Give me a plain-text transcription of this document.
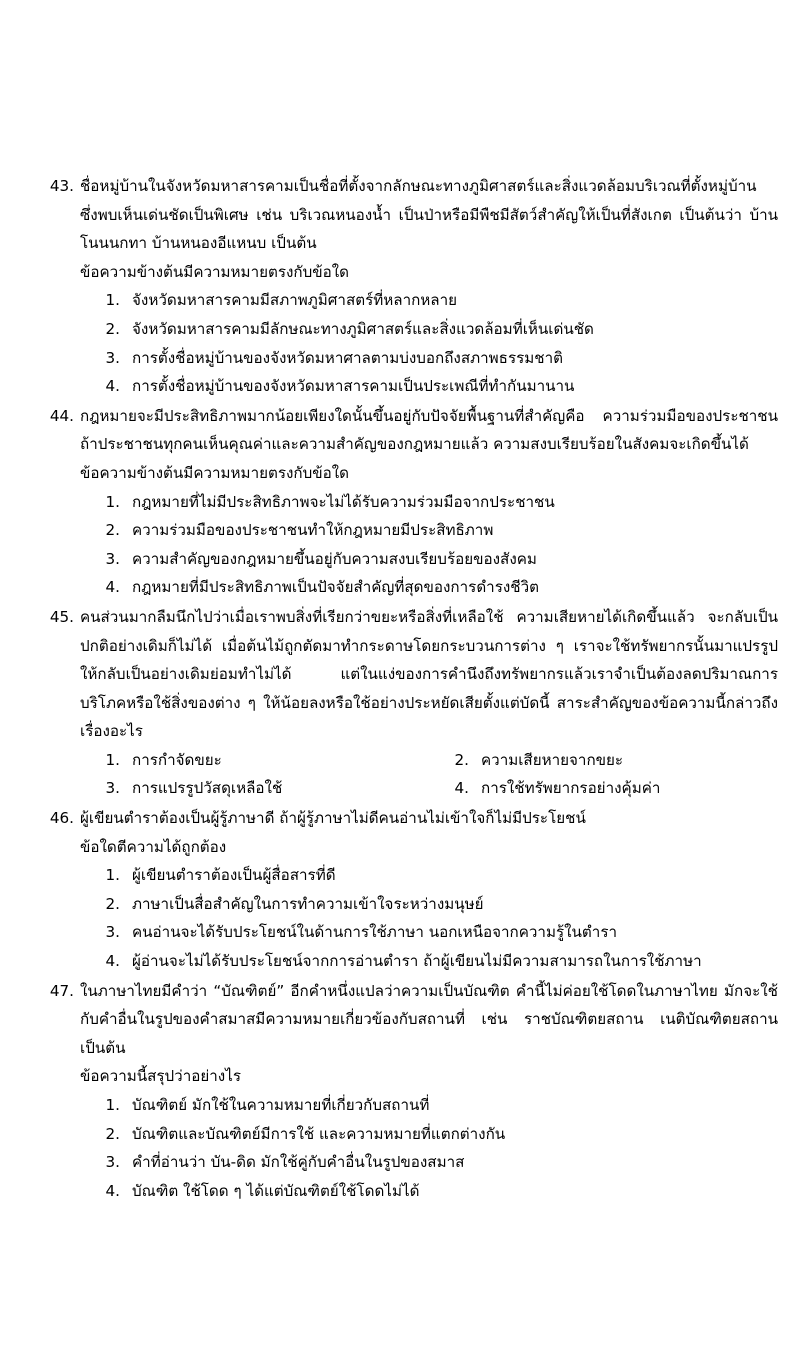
43. ชื่อหมู่บ้านในจังหวัดมหาสารคามเป็นชื่อที่ตั้งจากลักษณะทางภูมิศาสตร์และสิ่งแวดล้อมบริเวณที่ตั้งหมู่บ้าน ซึ่งพบเห็นเด่นชัดเป็นพิเศษ เช่น บริเวณหนองน้ำ เป็นป่าหรือมีพืชมีสัตว์สำคัญให้เป็นที่สังเกต เป็นต้นว่า บ้านโนนนกทา บ้านหนองอีแหนบ เป็นต้น
ข้อความข้างต้นมีความหมายตรงกับข้อใด
1. จังหวัดมหาสารคามมีสภาพภูมิศาสตร์ที่หลากหลาย
2. จังหวัดมหาสารคามมีลักษณะทางภูมิศาสตร์และสิ่งแวดล้อมที่เห็นเด่นชัด
3. การตั้งชื่อหมู่บ้านของจังหวัดมหาศาลตามบ่งบอกถึงสภาพธรรมชาติ
4. การตั้งชื่อหมู่บ้านของจังหวัดมหาสารคามเป็นประเพณีที่ทำกันมานาน
44. กฎหมายจะมีประสิทธิภาพมากน้อยเพียงใดนั้นขึ้นอยู่กับปัจจัยพื้นฐานที่สำคัญคือ ความร่วมมือของประชาชน ถ้าประชาชนทุกคนเห็นคุณค่าและความสำคัญของกฎหมายแล้ว ความสงบเรียบร้อยในสังคมจะเกิดขึ้นได้
ข้อความข้างต้นมีความหมายตรงกับข้อใด
1. กฎหมายที่ไม่มีประสิทธิภาพจะไม่ได้รับความร่วมมือจากประชาชน
2. ความร่วมมือของประชาชนทำให้กฎหมายมีประสิทธิภาพ
3. ความสำคัญของกฎหมายขึ้นอยู่กับความสงบเรียบร้อยของสังคม
4. กฎหมายที่มีประสิทธิภาพเป็นปัจจัยสำคัญที่สุดของการดำรงชีวิต
45. คนส่วนมากลืมนึกไปว่าเมื่อเราพบสิ่งที่เรียกว่าขยะหรือสิ่งที่เหลือใช้ ความเสียหายได้เกิดขึ้นแล้ว จะกลับเป็นปกติอย่างเดิมก็ไม่ได้ เมื่อต้นไม้ถูกตัดมาทำกระดาษโดยกระบวนการต่าง ๆ เราจะใช้ทรัพยากรนั้นมาแปรรูปให้กลับเป็นอย่างเดิมย่อมทำไม่ได้ แต่ในแง่ของการคำนึงถึงทรัพยากรแล้วเราจำเป็นต้องลดปริมาณการบริโภคหรือใช้สิ่งของต่าง ๆ ให้น้อยลงหรือใช้อย่างประหยัดเสียตั้งแต่บัดนี้ สาระสำคัญของข้อความนี้กล่าวถึงเรื่องอะไร
1. การกำจัดขยะ	2. ความเสียหายจากขยะ
3. การแปรรูปวัสดุเหลือใช้	4. การใช้ทรัพยากรอย่างคุ้มค่า
46. ผู้เขียนตำราต้องเป็นผู้รู้ภาษาดี ถ้าผู้รู้ภาษาไม่ดีคนอ่านไม่เข้าใจก็ไม่มีประโยชน์
ข้อใดตีความได้ถูกต้อง
1. ผู้เขียนตำราต้องเป็นผู้สื่อสารที่ดี
2. ภาษาเป็นสื่อสำคัญในการทำความเข้าใจระหว่างมนุษย์
3. คนอ่านจะได้รับประโยชน์ในด้านการใช้ภาษา นอกเหนือจากความรู้ในตำรา
4. ผู้อ่านจะไม่ได้รับประโยชน์จากการอ่านตำรา ถ้าผู้เขียนไม่มีความสามารถในการใช้ภาษา
47. ในภาษาไทยมีคำว่า “บัณฑิตย์” อีกคำหนึ่งแปลว่าความเป็นบัณฑิต คำนี้ไม่ค่อยใช้โดดในภาษาไทย มักจะใช้กับคำอื่นในรูปของคำสมาสมีความหมายเกี่ยวข้องกับสถานที่ เช่น ราชบัณฑิตยสถาน เนติบัณฑิตยสถาน เป็นต้น
ข้อความนี้สรุปว่าอย่างไร
1. บัณฑิตย์ มักใช้ในความหมายที่เกี่ยวกับสถานที่
2. บัณฑิตและบัณฑิตย์มีการใช้ และความหมายที่แตกต่างกัน
3. คำที่อ่านว่า บัน-ดิด มักใช้คู่กับคำอื่นในรูปของสมาส
4. บัณฑิต ใช้โดด ๆ ได้แต่บัณฑิตย์ใช้โดดไม่ได้
